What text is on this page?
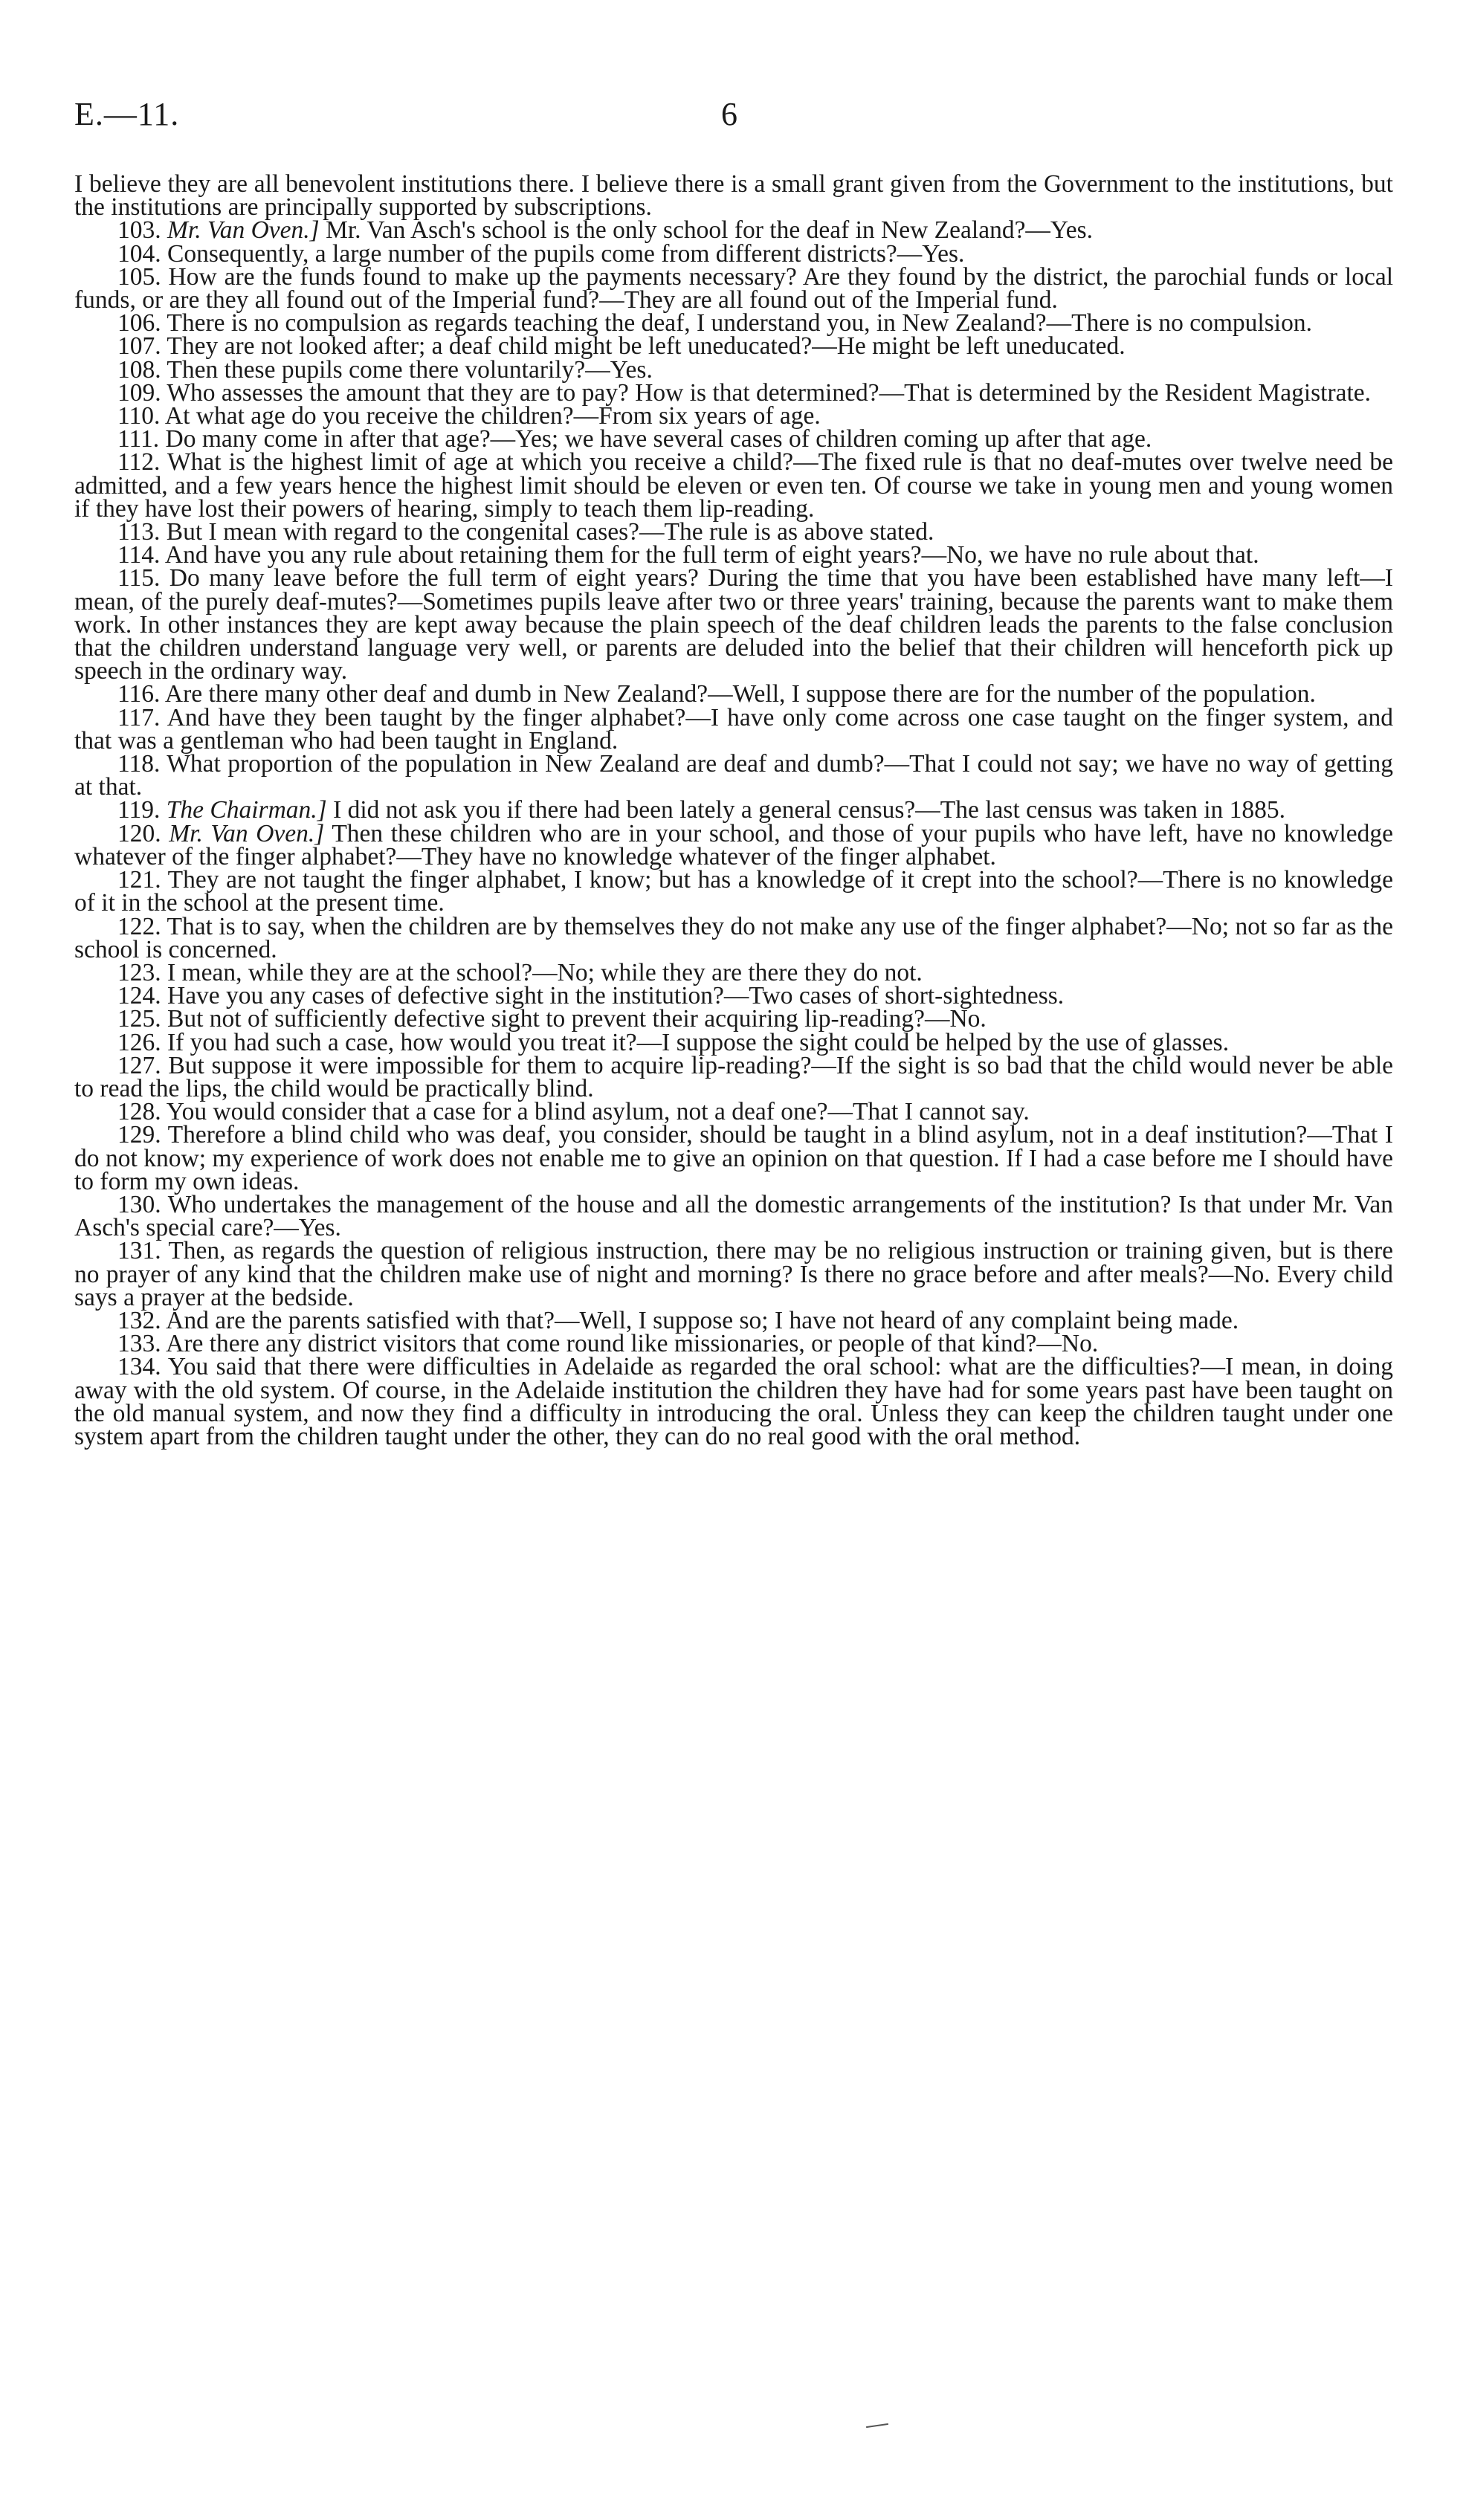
E.—11.	6

I believe they are all benevolent institutions there. I believe there is a small grant given from the Government to the institutions, but the institutions are principally supported by subscriptions.

103. Mr. Van Oven.] Mr. Van Asch's school is the only school for the deaf in New Zealand?—Yes.

104. Consequently, a large number of the pupils come from different districts?—Yes.

105. How are the funds found to make up the payments necessary? Are they found by the district, the parochial funds or local funds, or are they all found out of the Imperial fund?—They are all found out of the Imperial fund.

106. There is no compulsion as regards teaching the deaf, I understand you, in New Zealand?—There is no compulsion.

107. They are not looked after; a deaf child might be left uneducated?—He might be left uneducated.

108. Then these pupils come there voluntarily?—Yes.

109. Who assesses the amount that they are to pay? How is that determined?—That is determined by the Resident Magistrate.

110. At what age do you receive the children?—From six years of age.

111. Do many come in after that age?—Yes; we have several cases of children coming up after that age.

112. What is the highest limit of age at which you receive a child?—The fixed rule is that no deaf-mutes over twelve need be admitted, and a few years hence the highest limit should be eleven or even ten. Of course we take in young men and young women if they have lost their powers of hearing, simply to teach them lip-reading.

113. But I mean with regard to the congenital cases?—The rule is as above stated.

114. And have you any rule about retaining them for the full term of eight years?—No, we have no rule about that.

115. Do many leave before the full term of eight years? During the time that you have been established have many left—I mean, of the purely deaf-mutes?—Sometimes pupils leave after two or three years' training, because the parents want to make them work. In other instances they are kept away because the plain speech of the deaf children leads the parents to the false conclusion that the children understand language very well, or parents are deluded into the belief that their children will henceforth pick up speech in the ordinary way.

116. Are there many other deaf and dumb in New Zealand?—Well, I suppose there are for the number of the population.

117. And have they been taught by the finger alphabet?—I have only come across one case taught on the finger system, and that was a gentleman who had been taught in England.

118. What proportion of the population in New Zealand are deaf and dumb?—That I could not say; we have no way of getting at that.

119. The Chairman.] I did not ask you if there had been lately a general census?—The last census was taken in 1885.

120. Mr. Van Oven.] Then these children who are in your school, and those of your pupils who have left, have no knowledge whatever of the finger alphabet?—They have no knowledge whatever of the finger alphabet.

121. They are not taught the finger alphabet, I know; but has a knowledge of it crept into the school?—There is no knowledge of it in the school at the present time.

122. That is to say, when the children are by themselves they do not make any use of the finger alphabet?—No; not so far as the school is concerned.

123. I mean, while they are at the school?—No; while they are there they do not.

124. Have you any cases of defective sight in the institution?—Two cases of short-sightedness.

125. But not of sufficiently defective sight to prevent their acquiring lip-reading?—No.

126. If you had such a case, how would you treat it?—I suppose the sight could be helped by the use of glasses.

127. But suppose it were impossible for them to acquire lip-reading?—If the sight is so bad that the child would never be able to read the lips, the child would be practically blind.

128. You would consider that a case for a blind asylum, not a deaf one?—That I cannot say.

129. Therefore a blind child who was deaf, you consider, should be taught in a blind asylum, not in a deaf institution?—That I do not know; my experience of work does not enable me to give an opinion on that question. If I had a case before me I should have to form my own ideas.

130. Who undertakes the management of the house and all the domestic arrangements of the institution? Is that under Mr. Van Asch's special care?—Yes.

131. Then, as regards the question of religious instruction, there may be no religious instruction or training given, but is there no prayer of any kind that the children make use of night and morning? Is there no grace before and after meals?—No. Every child says a prayer at the bedside.

132. And are the parents satisfied with that?—Well, I suppose so; I have not heard of any complaint being made.

133. Are there any district visitors that come round like missionaries, or people of that kind?—No.

134. You said that there were difficulties in Adelaide as regarded the oral school: what are the difficulties?—I mean, in doing away with the old system. Of course, in the Adelaide institution the children they have had for some years past have been taught on the old manual system, and now they find a difficulty in introducing the oral. Unless they can keep the children taught under one system apart from the children taught under the other, they can do no real good with the oral method.
